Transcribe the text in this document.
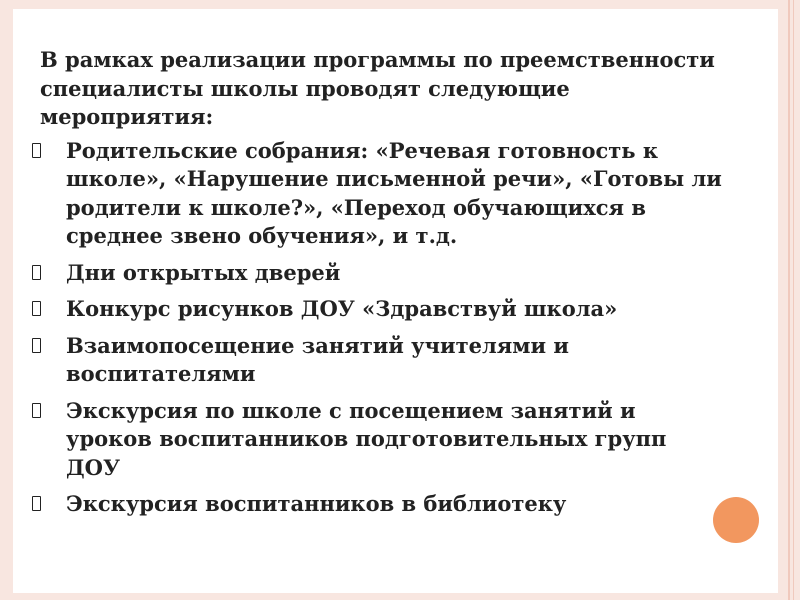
В рамках реализации программы по преемственности специалисты школы проводят следующие мероприятия:
Родительские собрания: «Речевая готовность к школе», «Нарушение письменной речи», «Готовы ли родители к школе?», «Переход обучающихся в среднее звено обучения», и т.д.
Дни открытых дверей
Конкурс рисунков ДОУ «Здравствуй школа»
Взаимопосещение занятий учителями и воспитателями
Экскурсия по школе с посещением занятий и уроков воспитанников подготовительных групп ДОУ
Экскурсия воспитанников в библиотеку
